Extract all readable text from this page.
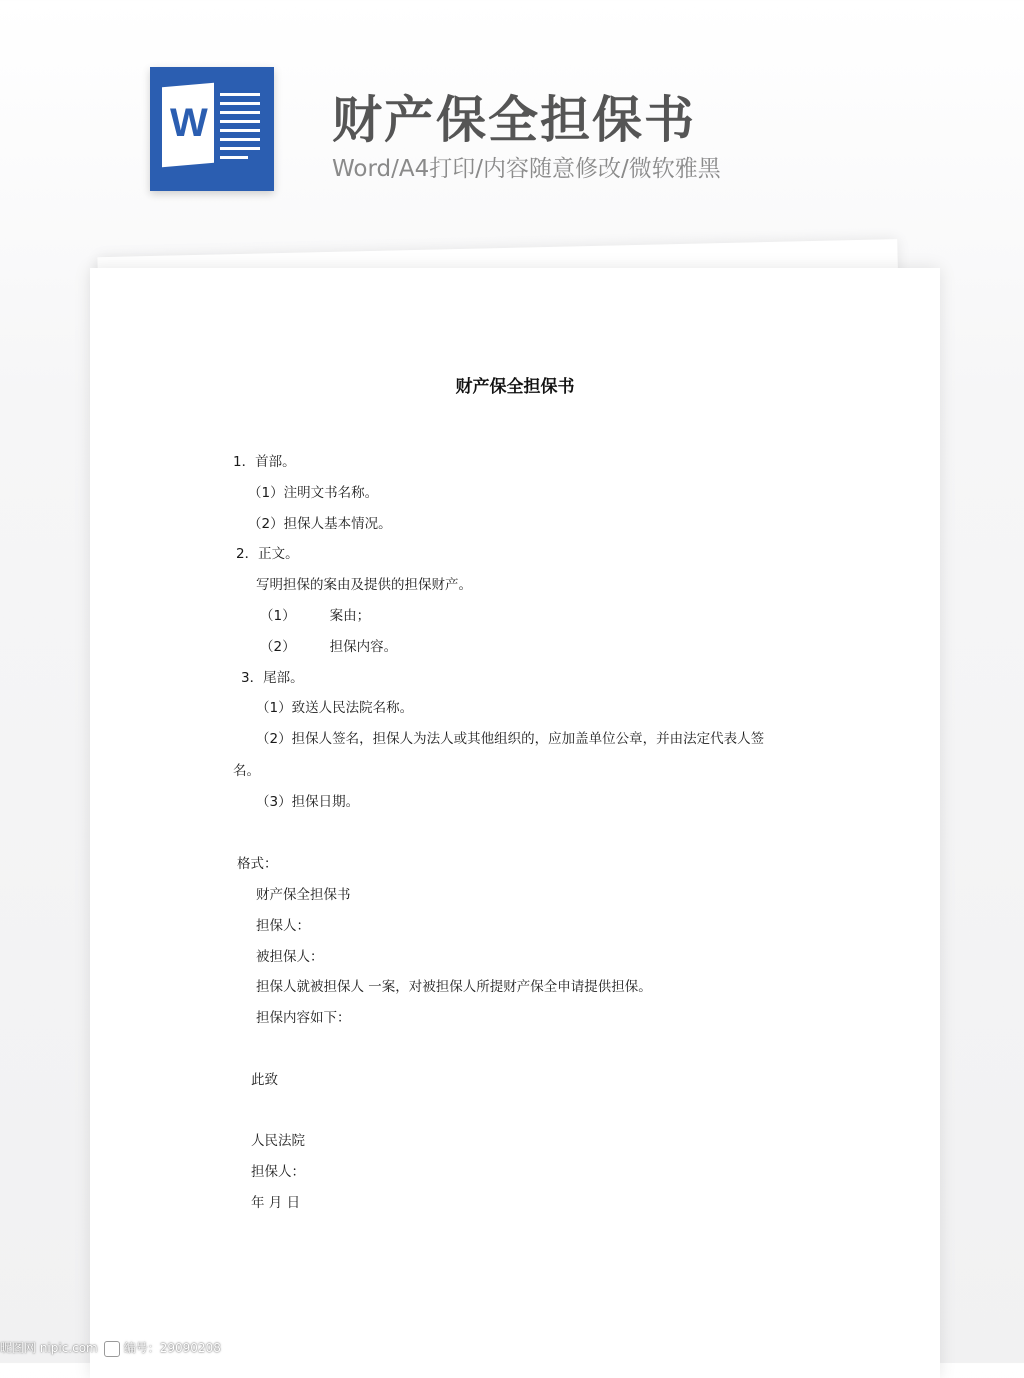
W 财产保全担保书
Word/A4打印/内容随意修改/微软雅黑
财产保全担保书
1．首部。
（1）注明文书名称。
（2）担保人基本情况。
2．正文。
写明担保的案由及提供的担保财产。
（1）	案由；
（2）	担保内容。
3．尾部。
（1）致送人民法院名称。
（2）担保人签名，担保人为法人或其他组织的，应加盖单位公章，并由法定代表人签
名。
（3）担保日期。
格式：
财产保全担保书
担保人：
被担保人：
担保人就被担保人 一案，对被担保人所提财产保全申请提供担保。
担保内容如下：
此致
人民法院
担保人：
年 月 日
昵图网 nipic.com 编号：29090208
